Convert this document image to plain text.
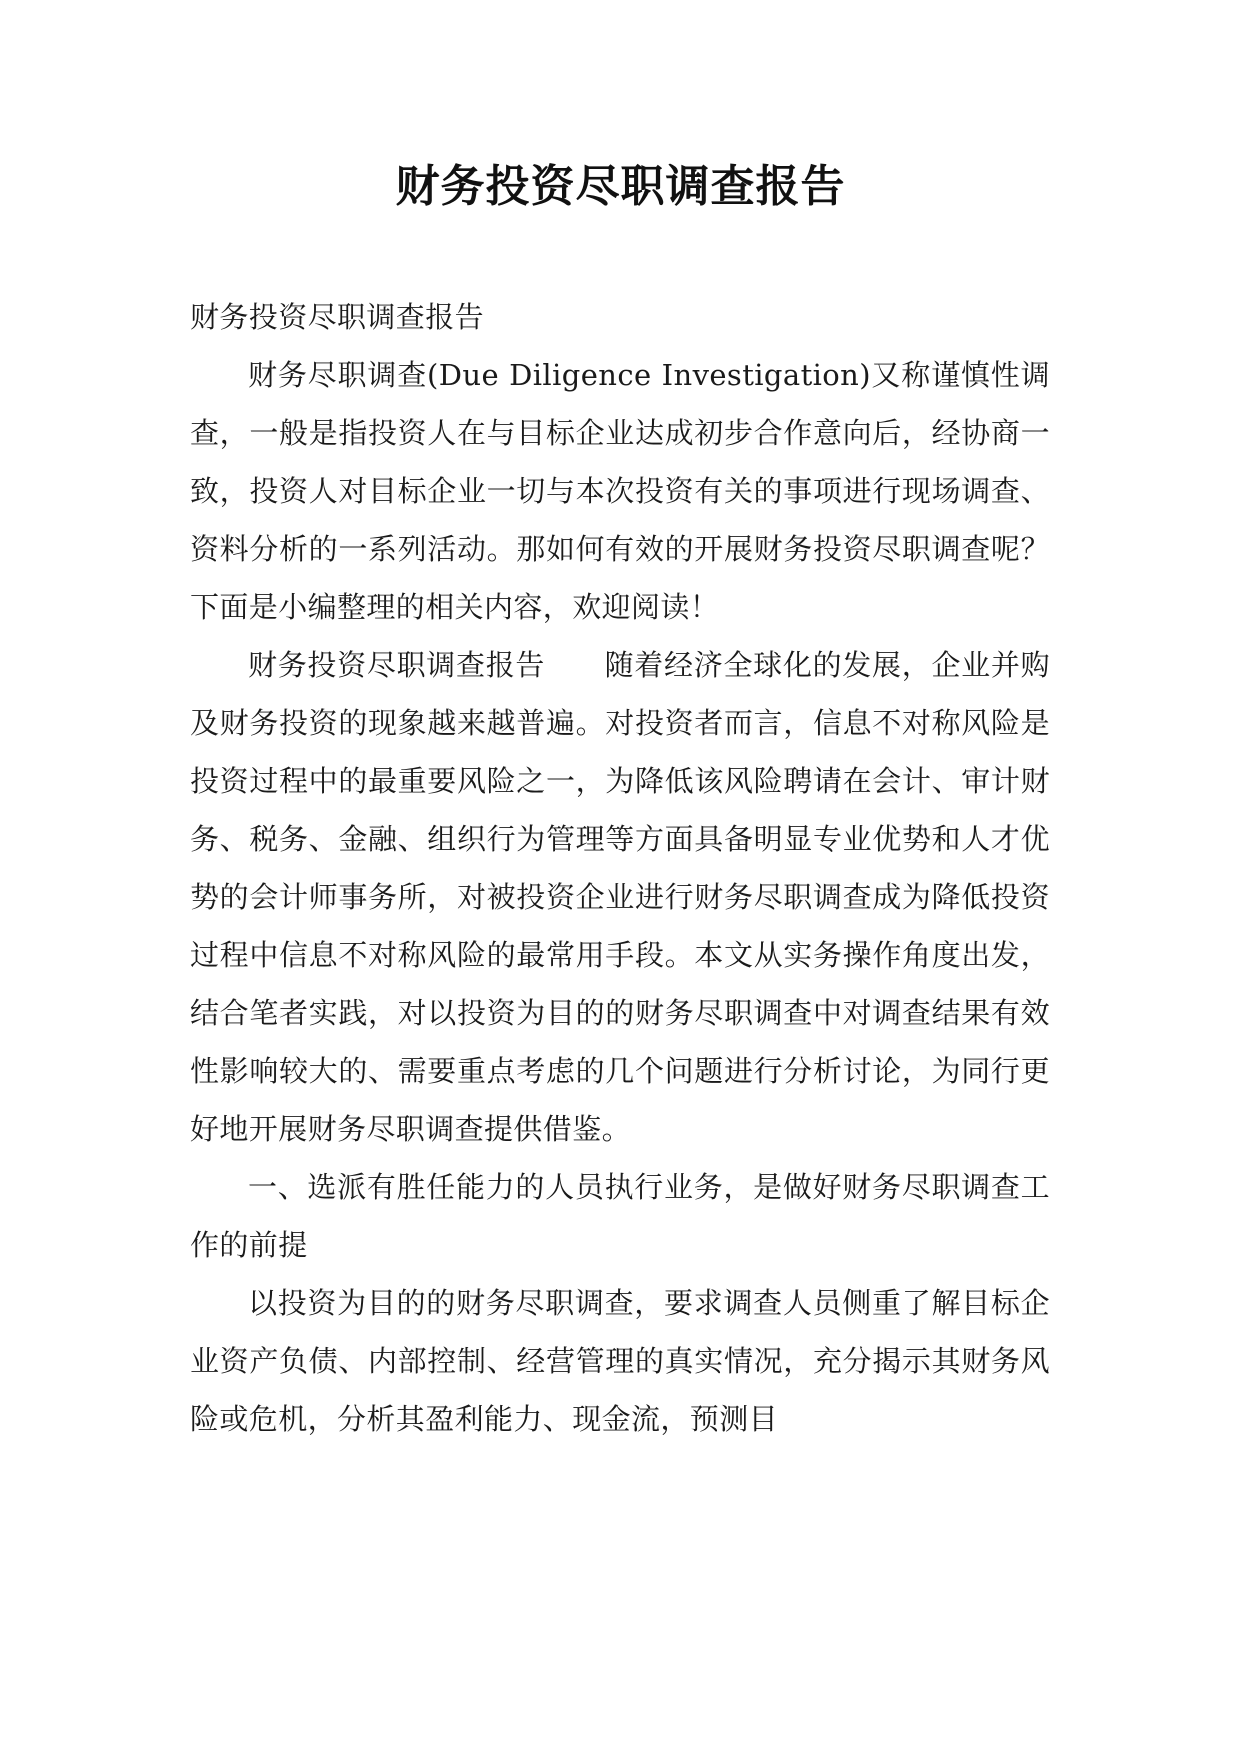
财务投资尽职调查报告

财务投资尽职调查报告

财务尽职调查(Due Diligence Investigation)又称谨慎性调查，一般是指投资人在与目标企业达成初步合作意向后，经协商一致，投资人对目标企业一切与本次投资有关的事项进行现场调查、资料分析的一系列活动。那如何有效的开展财务投资尽职调查呢？下面是小编整理的相关内容，欢迎阅读！

财务投资尽职调查报告　　随着经济全球化的发展，企业并购及财务投资的现象越来越普遍。对投资者而言，信息不对称风险是投资过程中的最重要风险之一，为降低该风险聘请在会计、审计财务、税务、金融、组织行为管理等方面具备明显专业优势和人才优势的会计师事务所，对被投资企业进行财务尽职调查成为降低投资过程中信息不对称风险的最常用手段。本文从实务操作角度出发，结合笔者实践，对以投资为目的的财务尽职调查中对调查结果有效性影响较大的、需要重点考虑的几个问题进行分析讨论，为同行更好地开展财务尽职调查提供借鉴。

一、选派有胜任能力的人员执行业务，是做好财务尽职调查工作的前提

以投资为目的的财务尽职调查，要求调查人员侧重了解目标企业资产负债、内部控制、经营管理的真实情况，充分揭示其财务风险或危机，分析其盈利能力、现金流，预测目
